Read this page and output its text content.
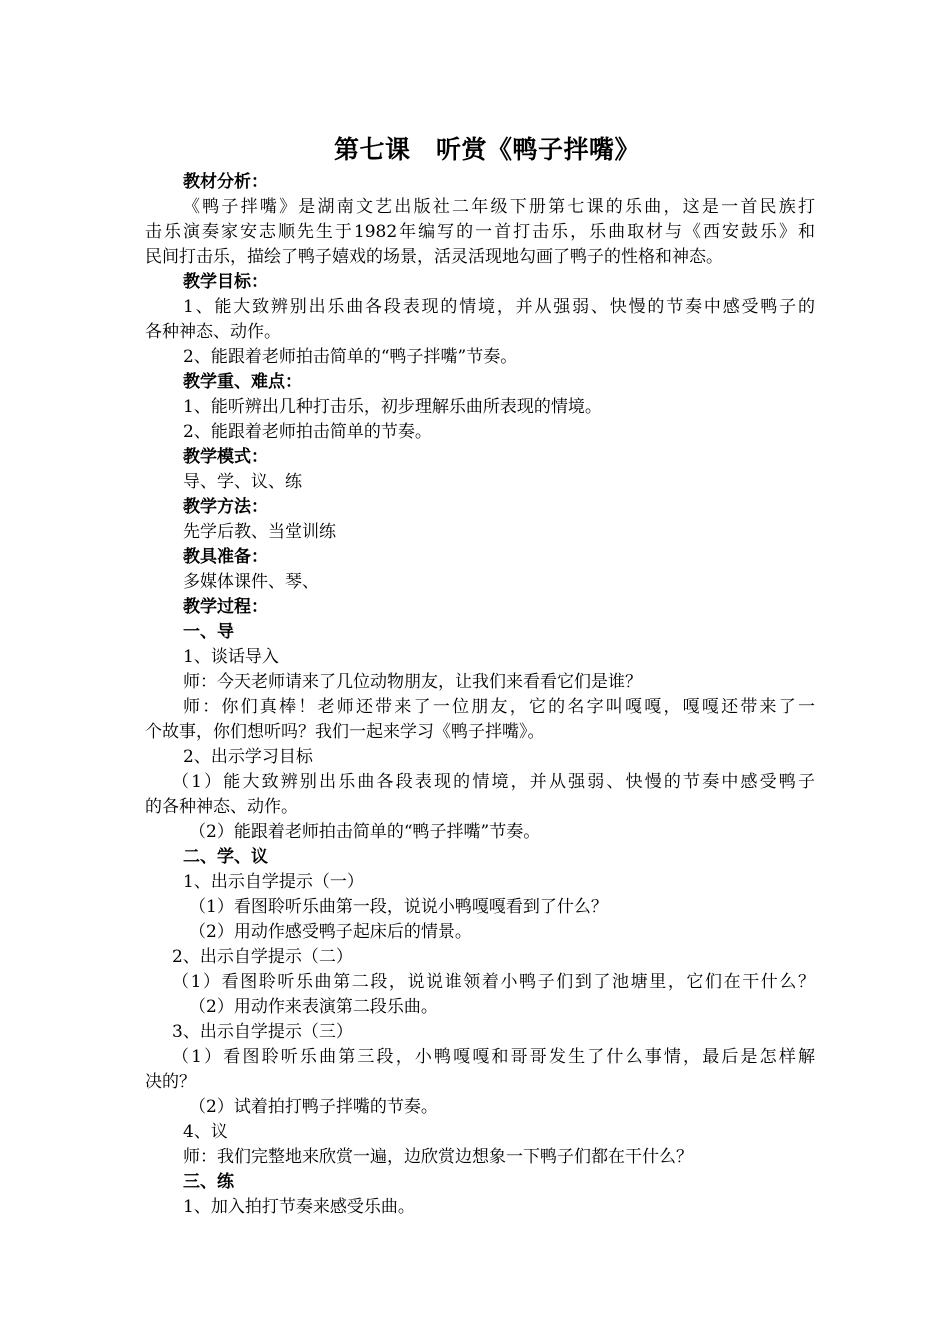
第七课　听赏《鸭子拌嘴》

教材分析：

《鸭子拌嘴》是湖南文艺出版社二年级下册第七课的乐曲，这是一首民族打

击乐演奏家安志顺先生于1982年编写的一首打击乐，乐曲取材与《西安鼓乐》和

民间打击乐，描绘了鸭子嬉戏的场景，活灵活现地勾画了鸭子的性格和神态。

教学目标：

1、能大致辨别出乐曲各段表现的情境，并从强弱、快慢的节奏中感受鸭子的

各种神态、动作。

2、能跟着老师拍击简单的“鸭子拌嘴”节奏。

教学重、难点：

1、能听辨出几种打击乐，初步理解乐曲所表现的情境。

2、能跟着老师拍击简单的节奏。

教学模式：

导、学、议、练

教学方法：

先学后教、当堂训练

教具准备：

多媒体课件、琴、

教学过程：

一、导

1、谈话导入

师：今天老师请来了几位动物朋友，让我们来看看它们是谁？

师：你们真棒！老师还带来了一位朋友，它的名字叫嘎嘎，嘎嘎还带来了一

个故事，你们想听吗？我们一起来学习《鸭子拌嘴》。

2、出示学习目标

（1）能大致辨别出乐曲各段表现的情境，并从强弱、快慢的节奏中感受鸭子

的各种神态、动作。

（2）能跟着老师拍击简单的“鸭子拌嘴”节奏。

二、学、议

1、出示自学提示（一）

（1）看图聆听乐曲第一段，说说小鸭嘎嘎看到了什么？

（2）用动作感受鸭子起床后的情景。

2、出示自学提示（二）

（1）看图聆听乐曲第二段，说说谁领着小鸭子们到了池塘里，它们在干什么？

（2）用动作来表演第二段乐曲。

3、出示自学提示（三）

（1）看图聆听乐曲第三段，小鸭嘎嘎和哥哥发生了什么事情，最后是怎样解

决的？

（2）试着拍打鸭子拌嘴的节奏。

4、议

师：我们完整地来欣赏一遍，边欣赏边想象一下鸭子们都在干什么？

三、练

1、加入拍打节奏来感受乐曲。
